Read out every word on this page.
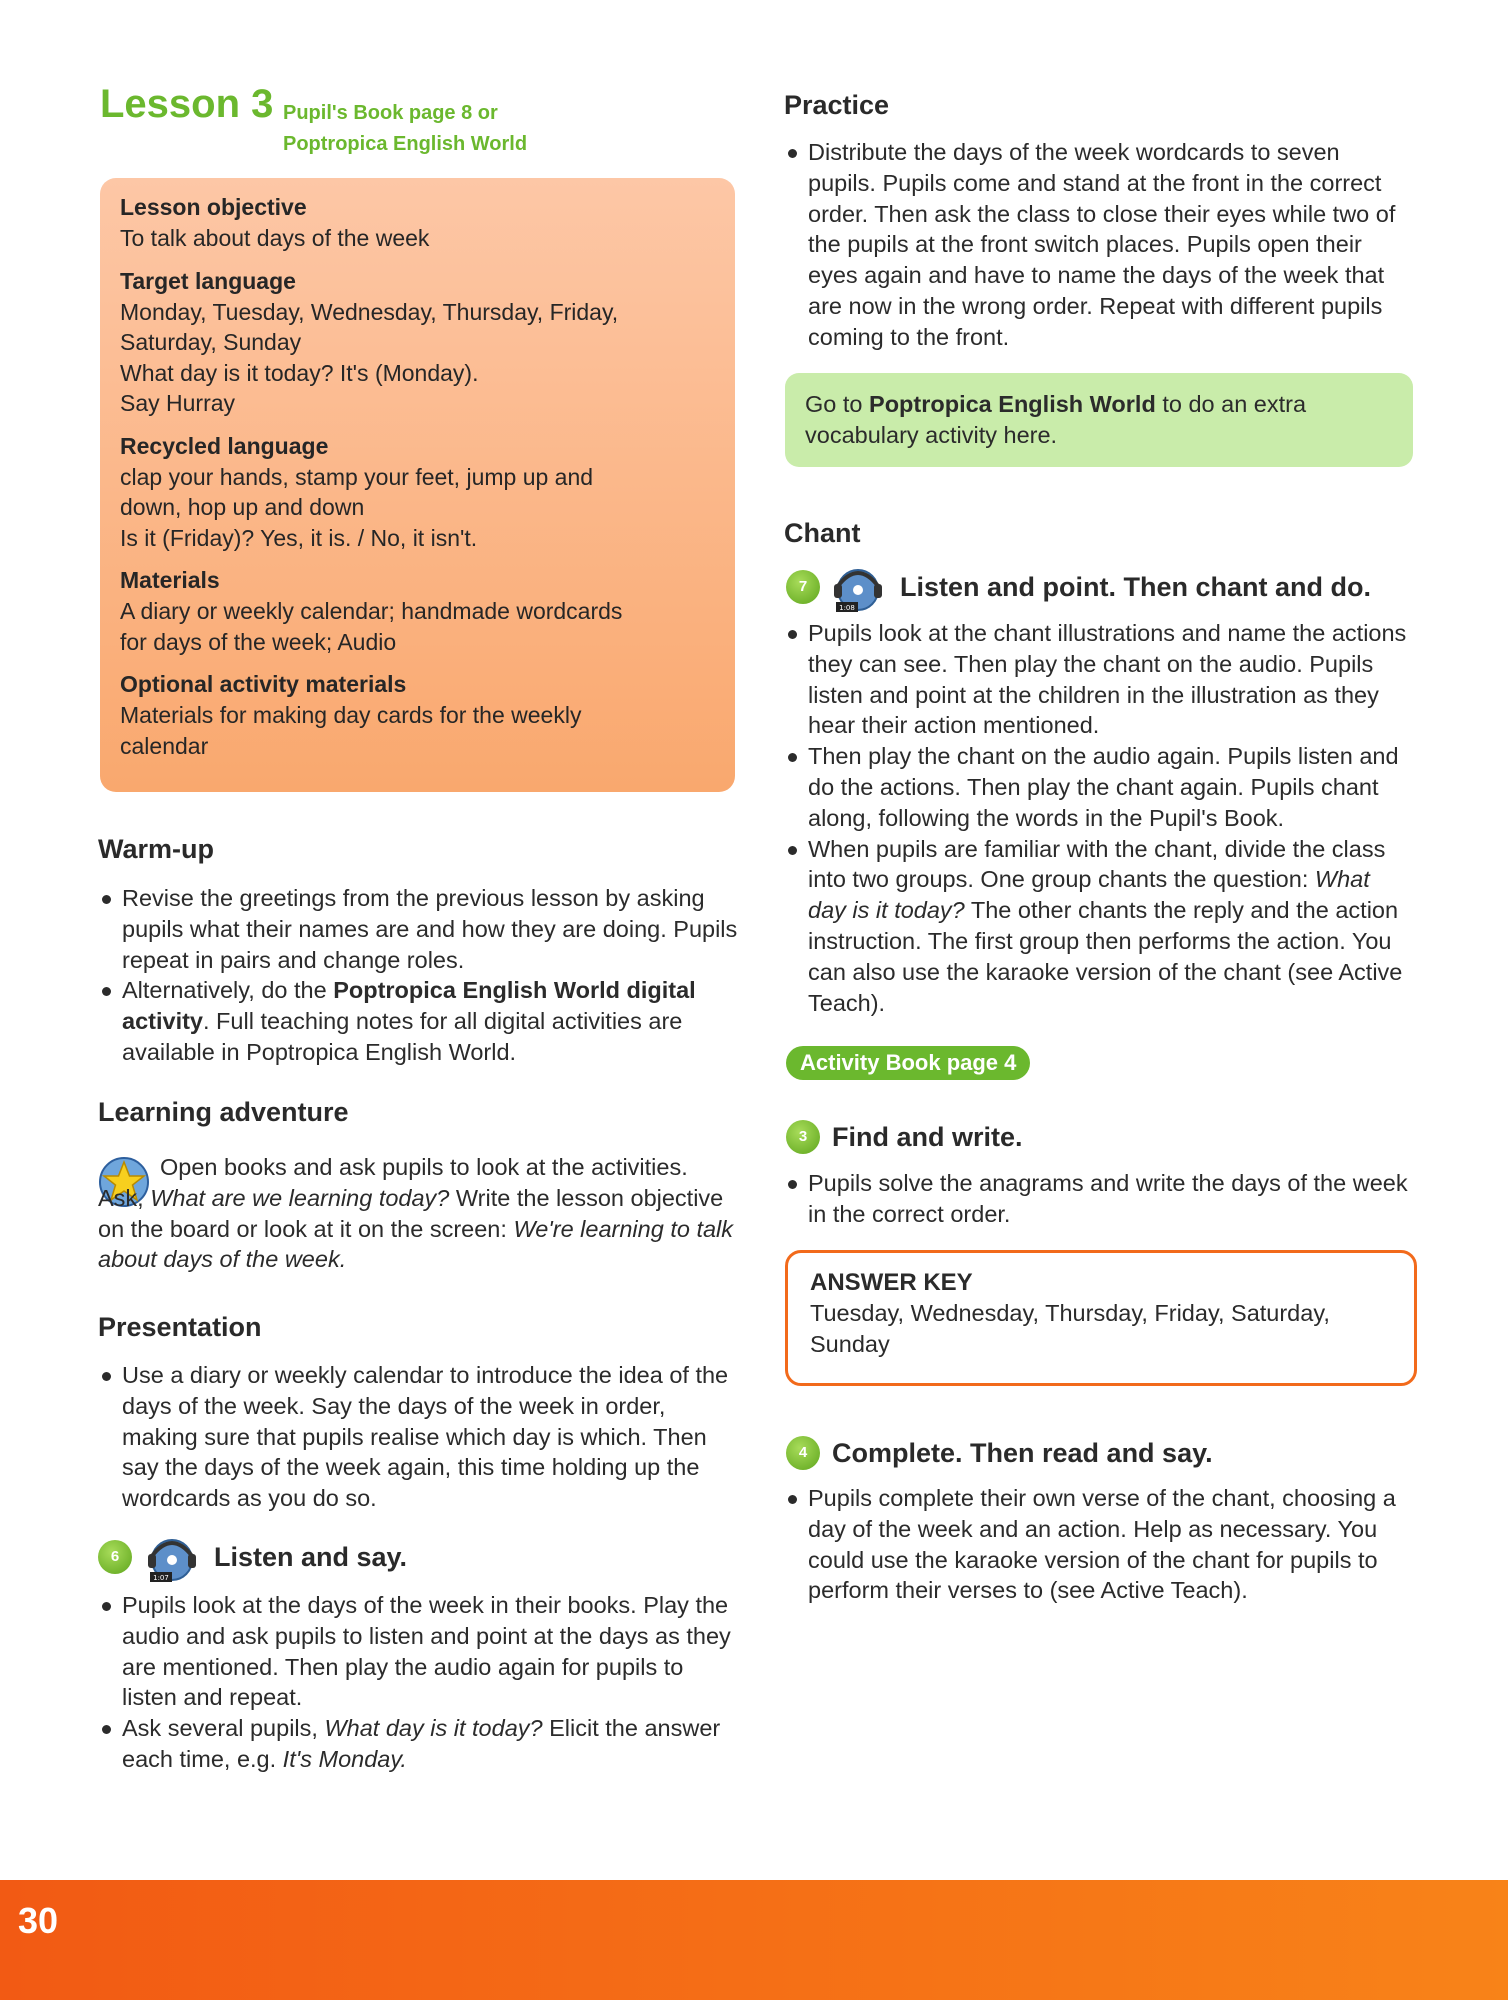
Lesson 3 Pupil's Book page 8 or
Poptropica English World
Lesson objective
To talk about days of the week
Target language
Monday, Tuesday, Wednesday, Thursday, Friday,
Saturday, Sunday
What day is it today? It's (Monday).
Say Hurray
Recycled language
clap your hands, stamp your feet, jump up and
down, hop up and down
Is it (Friday)? Yes, it is. / No, it isn't.
Materials
A diary or weekly calendar; handmade wordcards
for days of the week; Audio
Optional activity materials
Materials for making day cards for the weekly
calendar
Warm-up
Revise the greetings from the previous lesson by asking pupils what their names are and how they are doing. Pupils repeat in pairs and change roles.
Alternatively, do the Poptropica English World digital activity. Full teaching notes for all digital activities are available in Poptropica English World.
Learning adventure
Open books and ask pupils to look at the activities. Ask, What are we learning today? Write the lesson objective on the board or look at it on the screen: We're learning to talk about days of the week.
Presentation
Use a diary or weekly calendar to introduce the idea of the days of the week. Say the days of the week in order, making sure that pupils realise which day is which. Then say the days of the week again, this time holding up the wordcards as you do so.
6
1:07
Listen and say.
Pupils look at the days of the week in their books. Play the audio and ask pupils to listen and point at the days as they are mentioned. Then play the audio again for pupils to listen and repeat.
Ask several pupils, What day is it today? Elicit the answer each time, e.g. It's Monday.
Practice
Distribute the days of the week wordcards to seven pupils. Pupils come and stand at the front in the correct order. Then ask the class to close their eyes while two of the pupils at the front switch places. Pupils open their eyes again and have to name the days of the week that are now in the wrong order. Repeat with different pupils coming to the front.
Go to Poptropica English World to do an extra vocabulary activity here.
Chant
7
1:08
Listen and point. Then chant and do.
Pupils look at the chant illustrations and name the actions they can see. Then play the chant on the audio. Pupils listen and point at the children in the illustration as they hear their action mentioned.
Then play the chant on the audio again. Pupils listen and do the actions. Then play the chant again. Pupils chant along, following the words in the Pupil's Book.
When pupils are familiar with the chant, divide the class into two groups. One group chants the question: What day is it today? The other chants the reply and the action instruction. The first group then performs the action. You can also use the karaoke version of the chant (see Active Teach).
Activity Book page 4
3 Find and write.
Pupils solve the anagrams and write the days of the week in the correct order.
ANSWER KEY
Tuesday, Wednesday, Thursday, Friday, Saturday, Sunday
4 Complete. Then read and say.
Pupils complete their own verse of the chant, choosing a day of the week and an action. Help as necessary. You could use the karaoke version of the chant for pupils to perform their verses to (see Active Teach).
30
